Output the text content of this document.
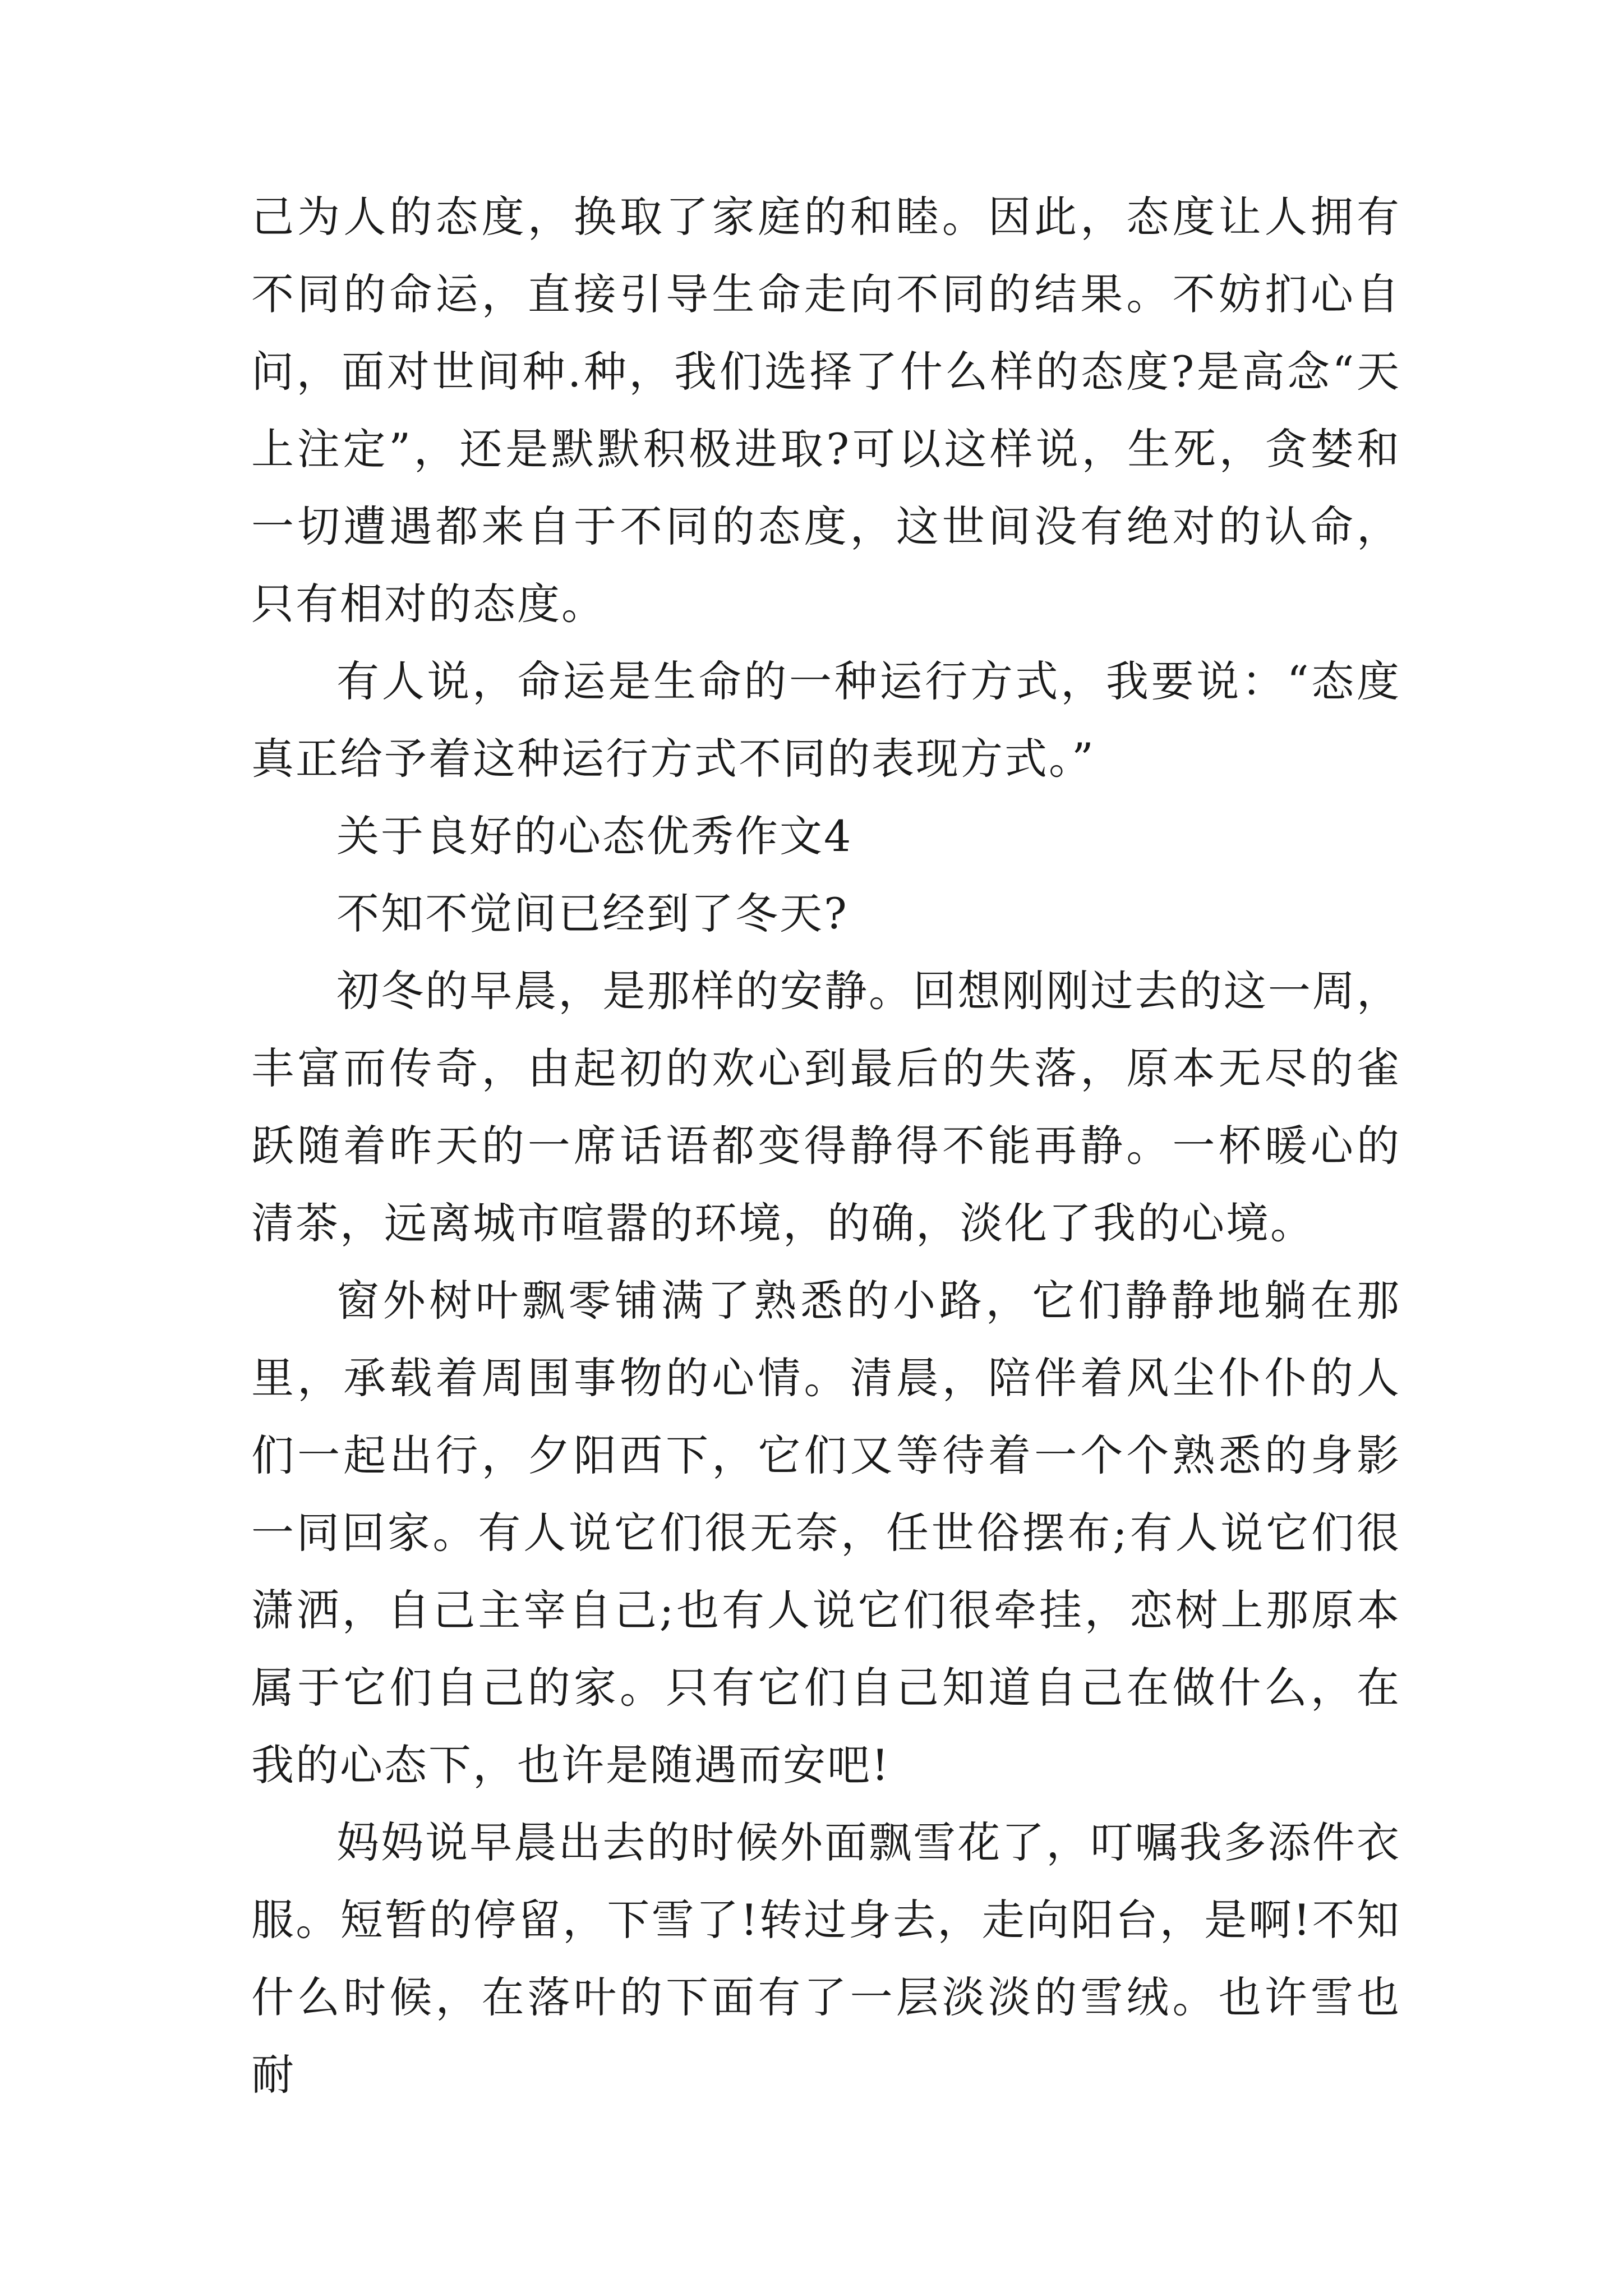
己为人的态度，换取了家庭的和睦。因此，态度让人拥有不同的命运，直接引导生命走向不同的结果。不妨扪心自问，面对世间种.种，我们选择了什么样的态度?是高念“天上注定”，还是默默积极进取?可以这样说，生死，贪婪和一切遭遇都来自于不同的态度，这世间没有绝对的认命，只有相对的态度。

有人说，命运是生命的一种运行方式，我要说：“态度真正给予着这种运行方式不同的表现方式。”

关于良好的心态优秀作文4

不知不觉间已经到了冬天?

初冬的早晨，是那样的安静。回想刚刚过去的这一周，丰富而传奇，由起初的欢心到最后的失落，原本无尽的雀跃随着昨天的一席话语都变得静得不能再静。一杯暖心的清茶，远离城市喧嚣的环境，的确，淡化了我的心境。

窗外树叶飘零铺满了熟悉的小路，它们静静地躺在那里，承载着周围事物的心情。清晨，陪伴着风尘仆仆的人们一起出行，夕阳西下，它们又等待着一个个熟悉的身影一同回家。有人说它们很无奈，任世俗摆布;有人说它们很潇洒，自己主宰自己;也有人说它们很牵挂，恋树上那原本属于它们自己的家。只有它们自己知道自己在做什么，在我的心态下，也许是随遇而安吧!

妈妈说早晨出去的时候外面飘雪花了，叮嘱我多添件衣服。短暂的停留，下雪了!转过身去，走向阳台，是啊!不知什么时候，在落叶的下面有了一层淡淡的雪绒。也许雪也耐
